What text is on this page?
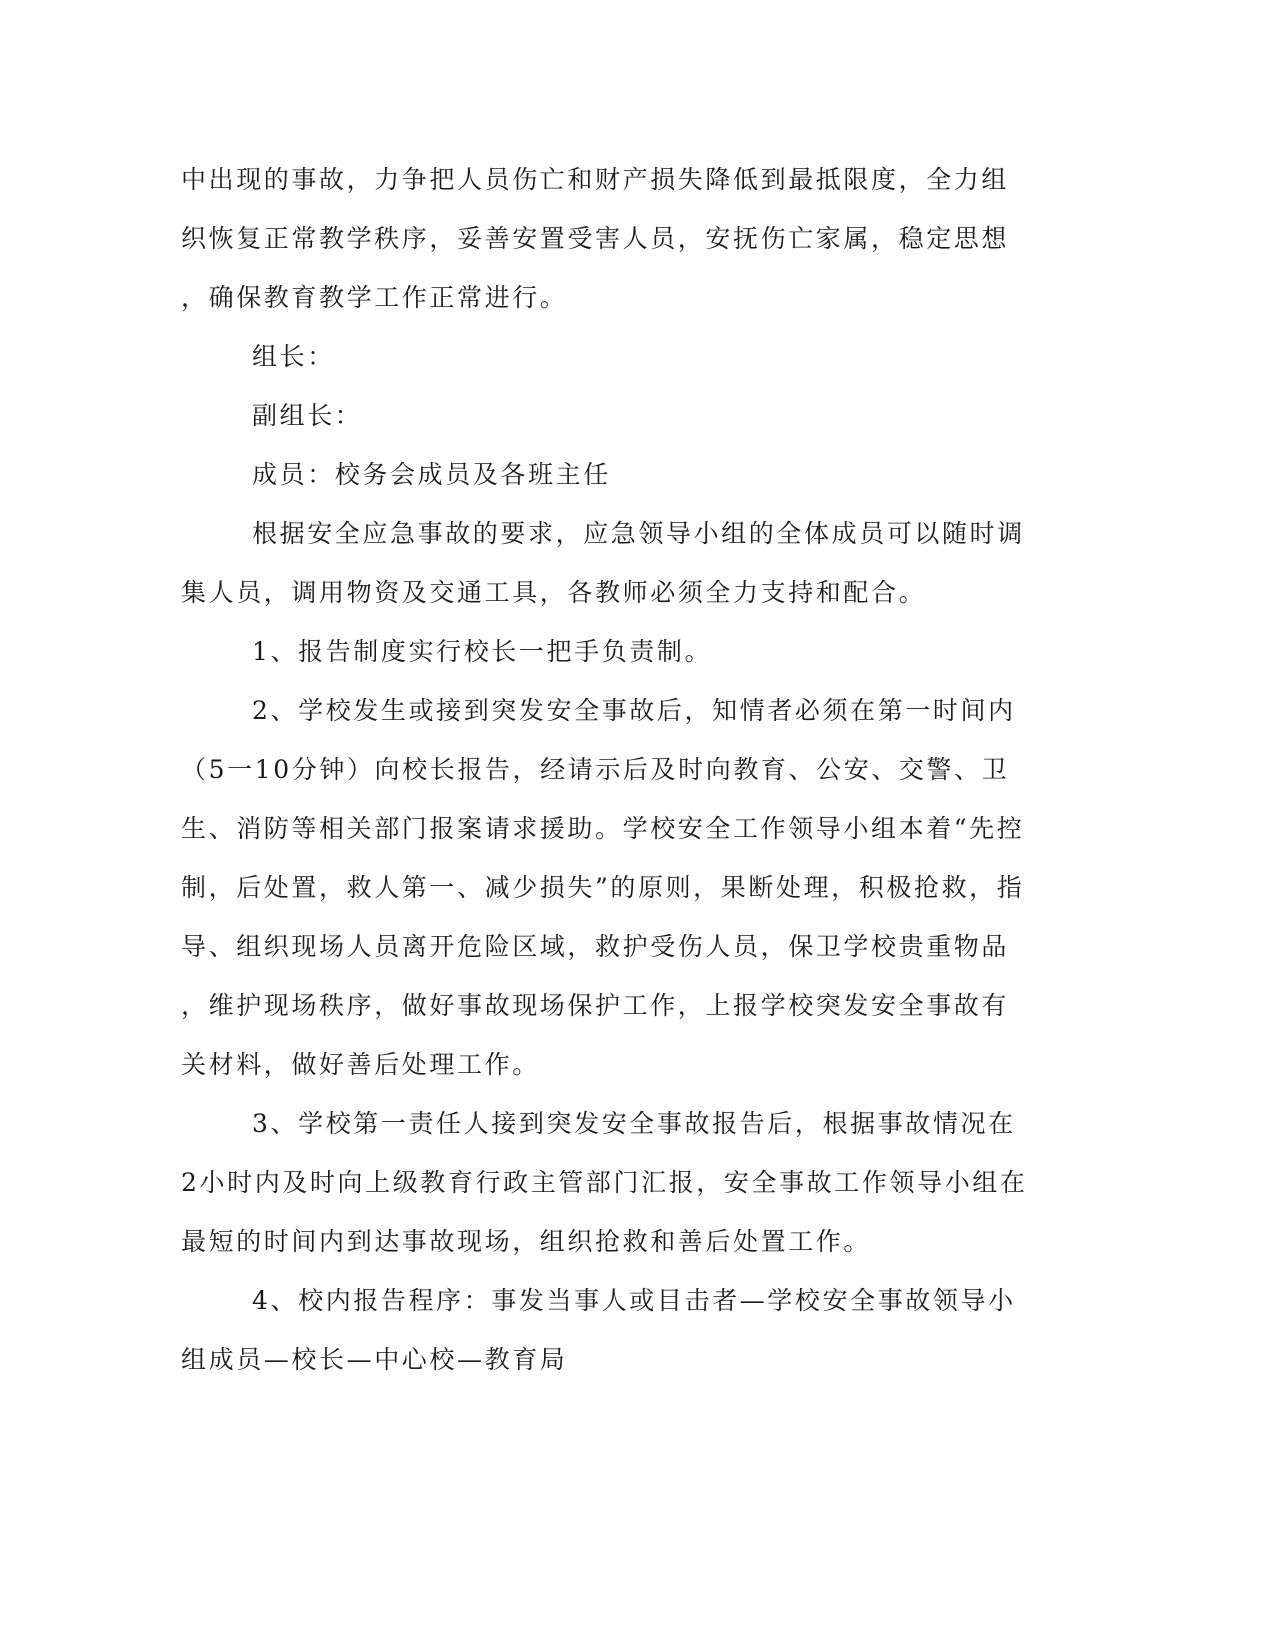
中出现的事故，力争把人员伤亡和财产损失降低到最抵限度，全力组
织恢复正常教学秩序，妥善安置受害人员，安抚伤亡家属，稳定思想
，确保教育教学工作正常进行。
组长：
副组长：
成员：校务会成员及各班主任
根据安全应急事故的要求，应急领导小组的全体成员可以随时调
集人员，调用物资及交通工具，各教师必须全力支持和配合。
1、报告制度实行校长一把手负责制。
2、学校发生或接到突发安全事故后，知情者必须在第一时间内
（5一10分钟）向校长报告，经请示后及时向教育、公安、交警、卫
生、消防等相关部门报案请求援助。学校安全工作领导小组本着“先控
制，后处置，救人第一、减少损失”的原则，果断处理，积极抢救，指
导、组织现场人员离开危险区域，救护受伤人员，保卫学校贵重物品
，维护现场秩序，做好事故现场保护工作，上报学校突发安全事故有
关材料，做好善后处理工作。
3、学校第一责任人接到突发安全事故报告后，根据事故情况在
2小时内及时向上级教育行政主管部门汇报，安全事故工作领导小组在
最短的时间内到达事故现场，组织抢救和善后处置工作。
4、校内报告程序：事发当事人或目击者—学校安全事故领导小
组成员—校长—中心校—教育局
